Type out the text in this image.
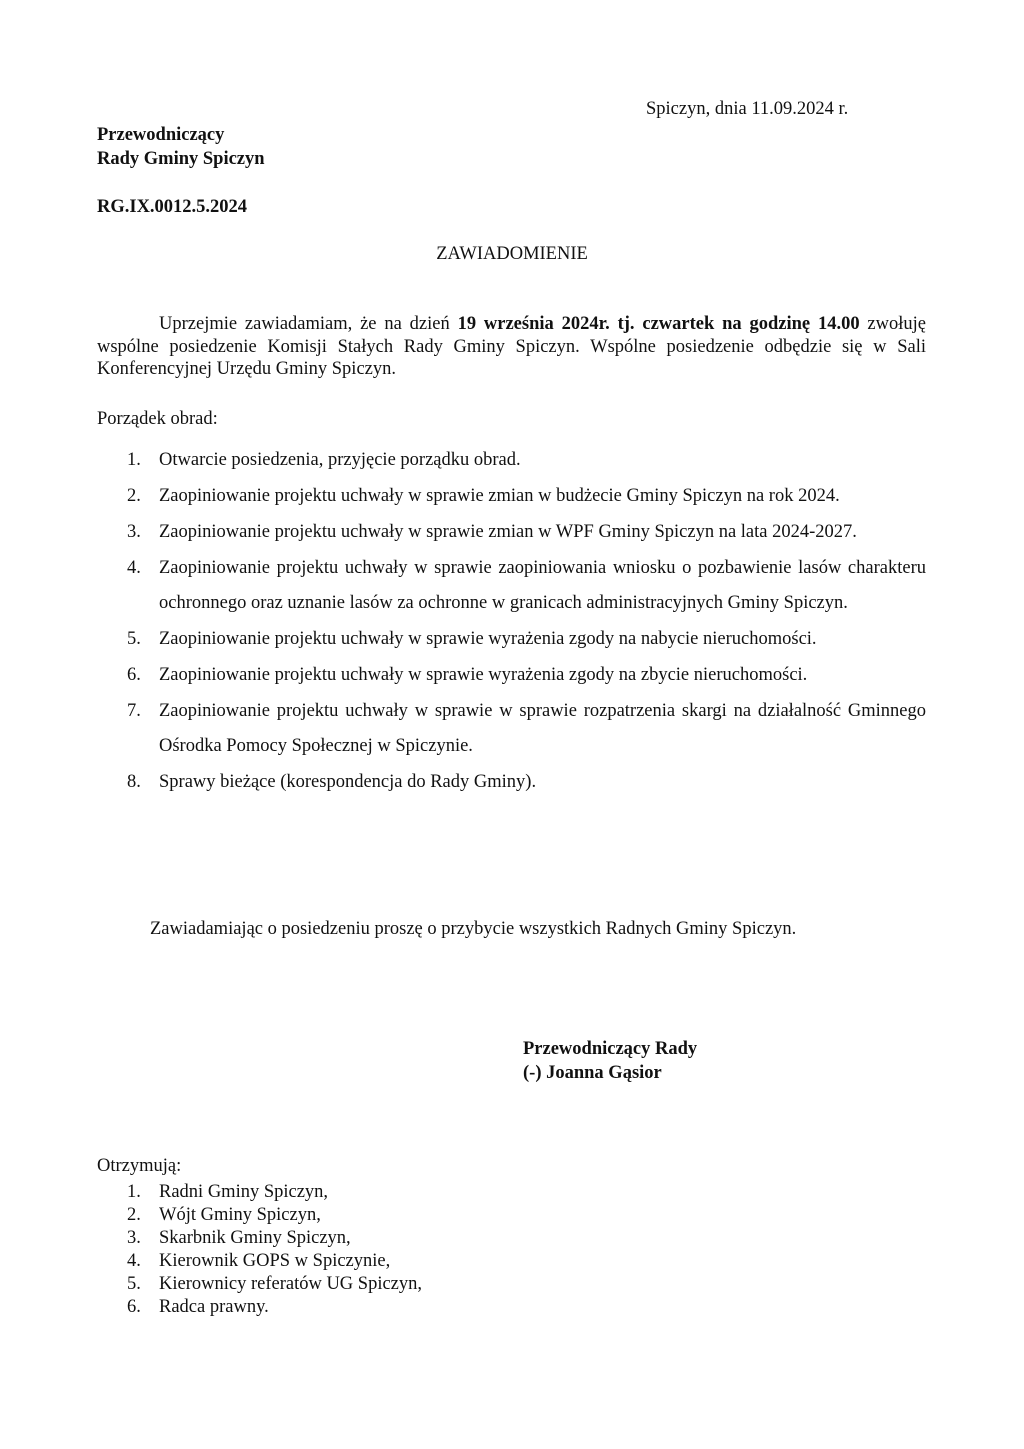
Spiczyn, dnia 11.09.2024 r.
Przewodniczący
Rady Gminy Spiczyn
RG.IX.0012.5.2024
ZAWIADOMIENIE
Uprzejmie zawiadamiam, że na dzień 19 września 2024r. tj. czwartek na godzinę 14.00 zwołuję wspólne posiedzenie Komisji Stałych Rady Gminy Spiczyn. Wspólne posiedzenie odbędzie się w Sali Konferencyjnej Urzędu Gminy Spiczyn.
Porządek obrad:
1. Otwarcie posiedzenia, przyjęcie porządku obrad.
2. Zaopiniowanie projektu uchwały w sprawie zmian w budżecie Gminy Spiczyn na rok 2024.
3. Zaopiniowanie projektu uchwały w sprawie zmian w WPF Gminy Spiczyn na lata 2024-2027.
4. Zaopiniowanie projektu uchwały w sprawie zaopiniowania wniosku o pozbawienie lasów charakteru ochronnego oraz uznanie lasów za ochronne w granicach administracyjnych Gminy Spiczyn.
5. Zaopiniowanie projektu uchwały w sprawie wyrażenia zgody na nabycie nieruchomości.
6. Zaopiniowanie projektu uchwały w sprawie wyrażenia zgody na zbycie nieruchomości.
7. Zaopiniowanie projektu uchwały w sprawie w sprawie rozpatrzenia skargi na działalność Gminnego Ośrodka Pomocy Społecznej w Spiczynie.
8. Sprawy bieżące (korespondencja do Rady Gminy).
Zawiadamiając o posiedzeniu proszę o przybycie wszystkich Radnych Gminy Spiczyn.
Przewodniczący Rady
(-) Joanna Gąsior
Otrzymują:
1. Radni Gminy Spiczyn,
2. Wójt Gminy Spiczyn,
3. Skarbnik Gminy Spiczyn,
4. Kierownik GOPS w Spiczynie,
5. Kierownicy referatów UG Spiczyn,
6. Radca prawny.
